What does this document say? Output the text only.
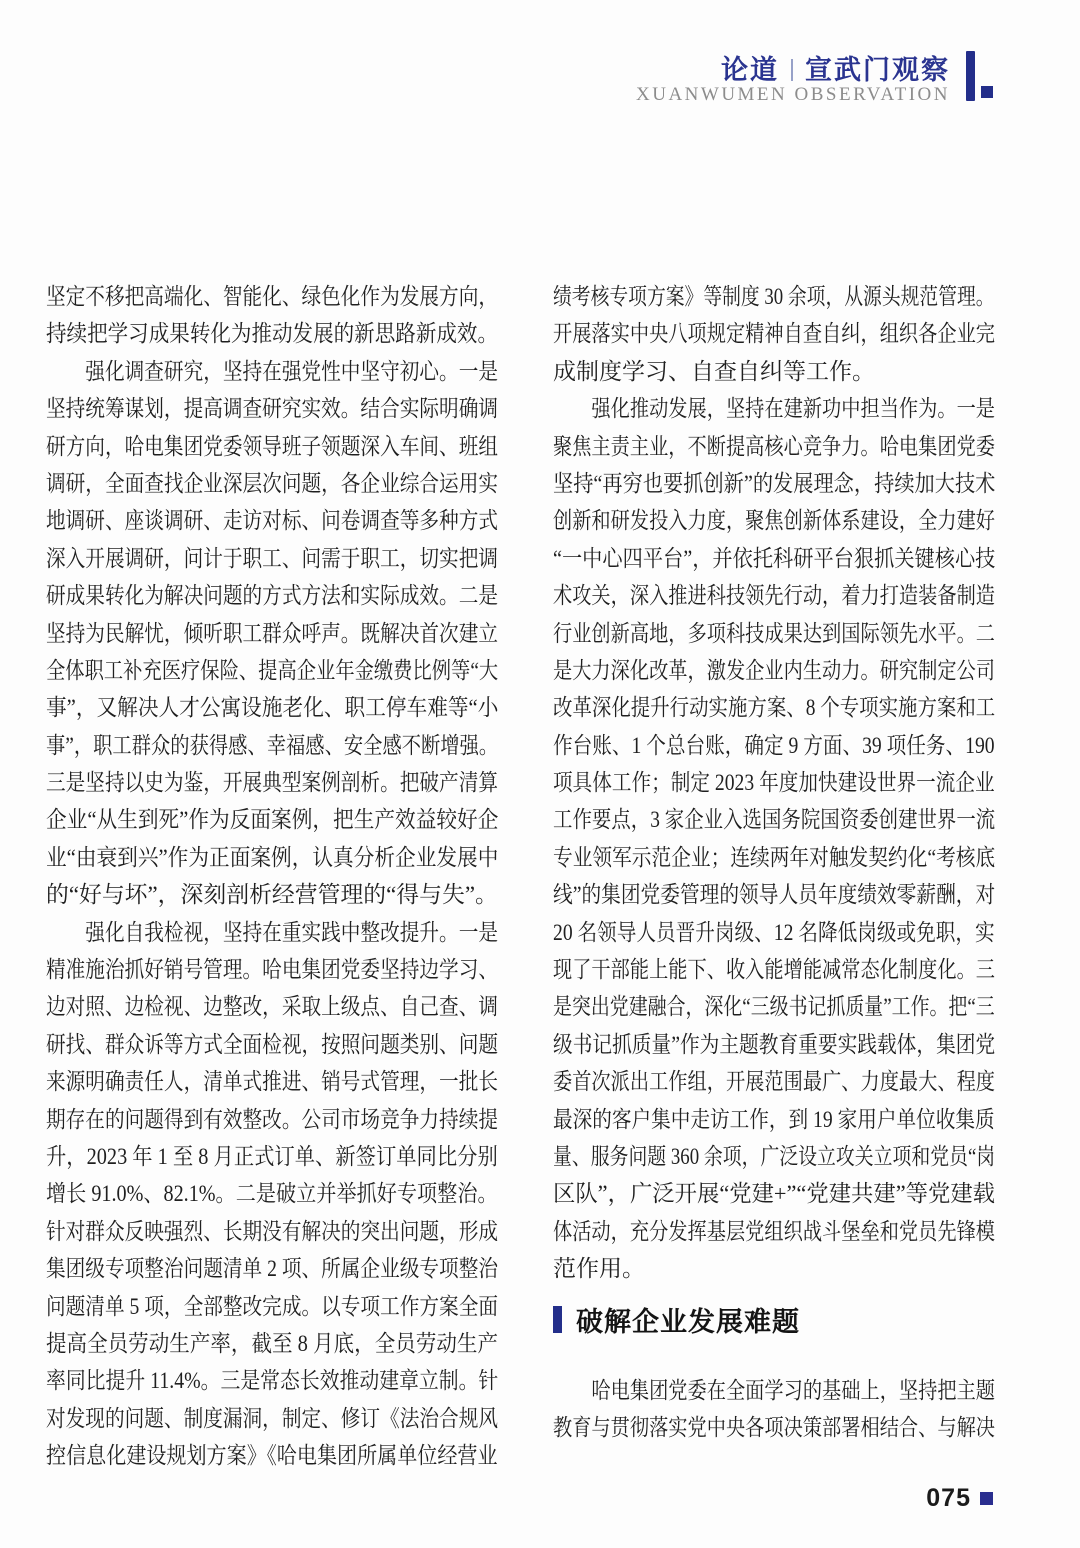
论道 宣武门观察
XUANWUMEN OBSERVATION
坚定不移把高端化、智能化、绿色化作为发展方向，
持续把学习成果转化为推动发展的新思路新成效。
强化调查研究，坚持在强党性中坚守初心。一是
坚持统筹谋划，提高调查研究实效。结合实际明确调
研方向，哈电集团党委领导班子领题深入车间、班组
调研，全面查找企业深层次问题，各企业综合运用实
地调研、座谈调研、走访对标、问卷调查等多种方式
深入开展调研，问计于职工、问需于职工，切实把调
研成果转化为解决问题的方式方法和实际成效。二是
坚持为民解忧，倾听职工群众呼声。既解决首次建立
全体职工补充医疗保险、提高企业年金缴费比例等“大
事”，又解决人才公寓设施老化、职工停车难等“小
事”，职工群众的获得感、幸福感、安全感不断增强。
三是坚持以史为鉴，开展典型案例剖析。把破产清算
企业“从生到死”作为反面案例，把生产效益较好企
业“由衰到兴”作为正面案例，认真分析企业发展中
的“好与坏”，深刻剖析经营管理的“得与失”。
强化自我检视，坚持在重实践中整改提升。一是
精准施治抓好销号管理。哈电集团党委坚持边学习、
边对照、边检视、边整改，采取上级点、自己查、调
研找、群众诉等方式全面检视，按照问题类别、问题
来源明确责任人，清单式推进、销号式管理，一批长
期存在的问题得到有效整改。公司市场竞争力持续提
升，2023 年 1 至 8 月正式订单、新签订单同比分别
增长 91.0%、82.1%。二是破立并举抓好专项整治。
针对群众反映强烈、长期没有解决的突出问题，形成
集团级专项整治问题清单 2 项、所属企业级专项整治
问题清单 5 项，全部整改完成。以专项工作方案全面
提高全员劳动生产率，截至 8 月底，全员劳动生产
率同比提升 11.4%。三是常态长效推动建章立制。针
对发现的问题、制度漏洞，制定、修订《法治合规风
控信息化建设规划方案》《哈电集团所属单位经营业
绩考核专项方案》等制度 30 余项，从源头规范管理。
开展落实中央八项规定精神自查自纠，组织各企业完
成制度学习、自查自纠等工作。
强化推动发展，坚持在建新功中担当作为。一是
聚焦主责主业，不断提高核心竞争力。哈电集团党委
坚持“再穷也要抓创新”的发展理念，持续加大技术
创新和研发投入力度，聚焦创新体系建设，全力建好
“一中心四平台”，并依托科研平台狠抓关键核心技
术攻关，深入推进科技领先行动，着力打造装备制造
行业创新高地，多项科技成果达到国际领先水平。二
是大力深化改革，激发企业内生动力。研究制定公司
改革深化提升行动实施方案、8 个专项实施方案和工
作台账、1 个总台账，确定 9 方面、39 项任务、190
项具体工作；制定 2023 年度加快建设世界一流企业
工作要点，3 家企业入选国务院国资委创建世界一流
专业领军示范企业；连续两年对触发契约化“考核底
线”的集团党委管理的领导人员年度绩效零薪酬，对
20 名领导人员晋升岗级、12 名降低岗级或免职，实
现了干部能上能下、收入能增能减常态化制度化。三
是突出党建融合，深化“三级书记抓质量”工作。把“三
级书记抓质量”作为主题教育重要实践载体，集团党
委首次派出工作组，开展范围最广、力度最大、程度
最深的客户集中走访工作，到 19 家用户单位收集质
量、服务问题 360 余项，广泛设立攻关立项和党员“岗
区队”，广泛开展“党建+”“党建共建”等党建载
体活动，充分发挥基层党组织战斗堡垒和党员先锋模
范作用。
破解企业发展难题
哈电集团党委在全面学习的基础上，坚持把主题
教育与贯彻落实党中央各项决策部署相结合、与解决
075
